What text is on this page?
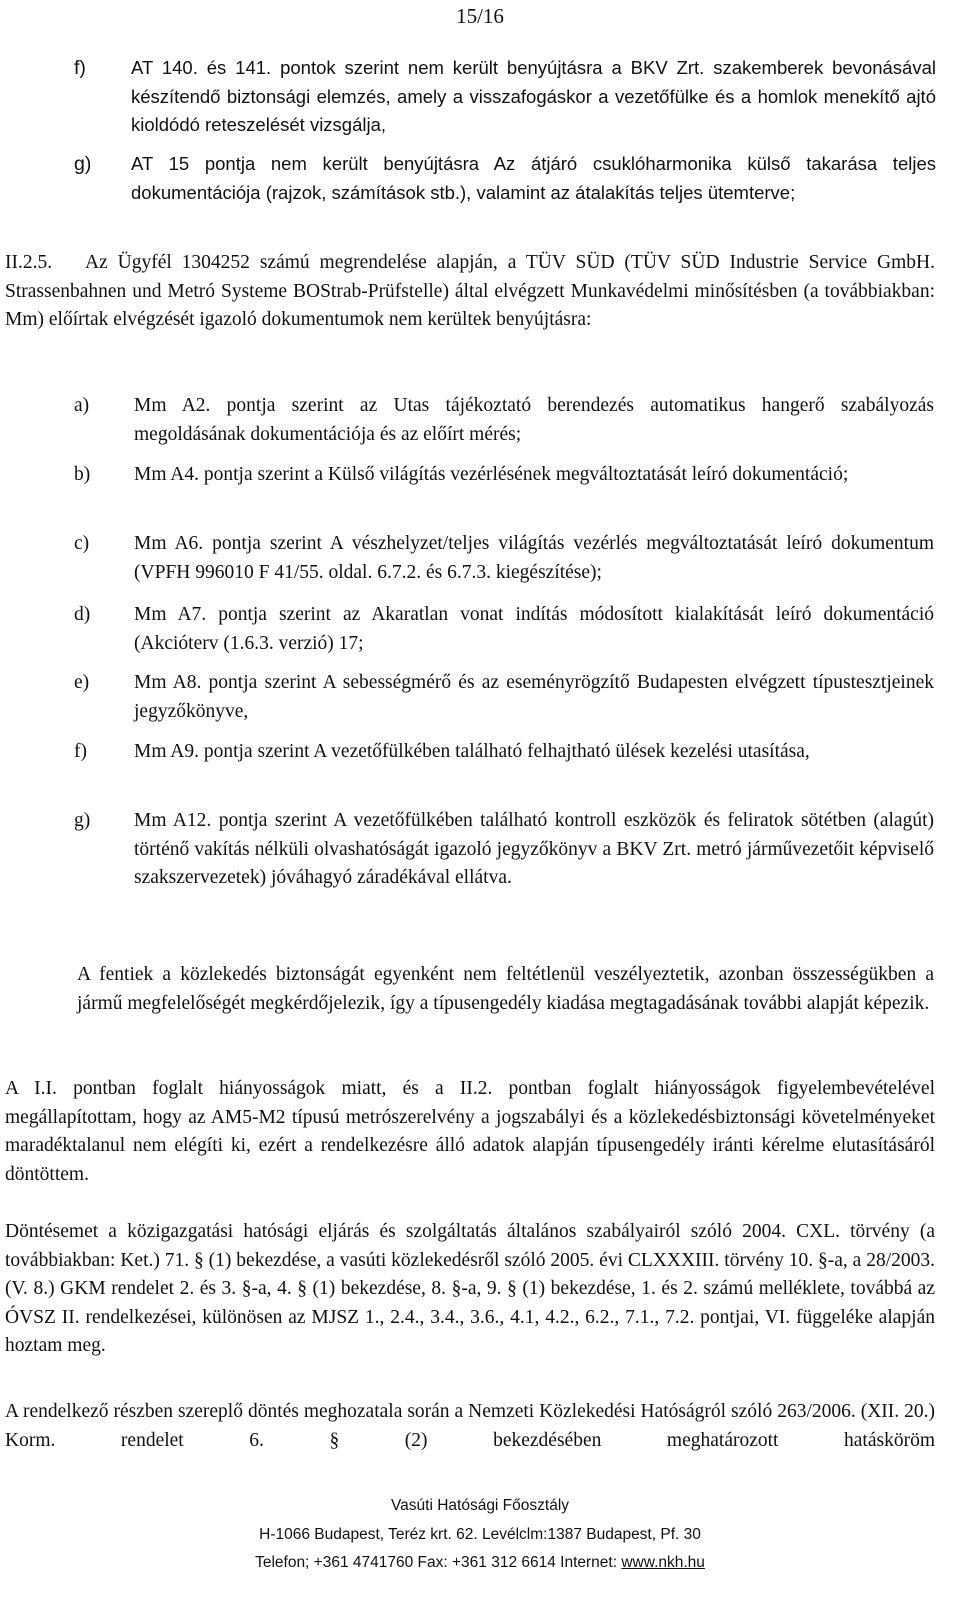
15/16
f) AT 140. és 141. pontok szerint nem került benyújtásra a BKV Zrt. szakemberek bevonásával készítendő biztonsági elemzés, amely a visszafogáskor a vezetőfülke és a homlok menekítő ajtó kioldódó reteszelését vizsgálja,
g) AT 15 pontja nem került benyújtásra Az átjáró csuklóharmonika külső takarása teljes dokumentációja (rajzok, számítások stb.), valamint az átalakítás teljes ütemterve;
II.2.5.	Az Ügyfél 1304252 számú megrendelése alapján, a TÜV SÜD (TÜV SÜD Industrie Service GmbH. Strassenbahnen und Metró Systeme BOStrab-Prüfstelle) által elvégzett Munkavédelmi minősítésben (a továbbiakban: Mm) előírtak elvégzését igazoló dokumentumok nem kerültek benyújtásra:
a) Mm A2. pontja szerint az Utas tájékoztató berendezés automatikus hangerő szabályozás megoldásának dokumentációja és az előírt mérés;
b) Mm A4. pontja szerint a Külső világítás vezérlésének megváltoztatását leíró dokumentáció;
c) Mm A6. pontja szerint A vészhelyzet/teljes világítás vezérlés megváltoztatását leíró dokumentum (VPFH 996010 F 41/55. oldal. 6.7.2. és 6.7.3. kiegészítése);
d) Mm A7. pontja szerint az Akaratlan vonat indítás módosított kialakítását leíró dokumentáció (Akcióterv (1.6.3. verzió) 17;
e) Mm A8. pontja szerint A sebességmérő és az eseményrögzítő Budapesten elvégzett típustesztjeinek jegyzőkönyve,
f) Mm A9. pontja szerint A vezetőfülkében található felhajtható ülések kezelési utasítása,
g) Mm A12. pontja szerint A vezetőfülkében található kontroll eszközök és feliratok sötétben (alagút) történő vakítás nélküli olvashatóságát igazoló jegyzőkönyv a BKV Zrt. metró járművezetőit képviselő szakszervezetek) jóváhagyó záradékával ellátva.
A fentiek a közlekedés biztonságát egyenként nem feltétlenül veszélyeztetik, azonban összességükben a jármű megfelelőségét megkérdőjelezik, így a típusengedély kiadása megtagadásának további alapját képezik.
A I.I. pontban foglalt hiányosságok miatt, és a II.2. pontban foglalt hiányosságok figyelembevételével megállapítottam, hogy az AM5-M2 típusú metrószerelvény a jogszabályi és a közlekedésbiztonsági követelményeket maradéktalanul nem elégíti ki, ezért a rendelkezésre álló adatok alapján típusengedély iránti kérelme elutasításáról döntöttem.
Döntésemet a közigazgatási hatósági eljárás és szolgáltatás általános szabályairól szóló 2004. CXL. törvény (a továbbiakban: Ket.) 71. § (1) bekezdése, a vasúti közlekedésről szóló 2005. évi CLXXXIII. törvény 10. §-a, a 28/2003. (V. 8.) GKM rendelet 2. és 3. §-a, 4. § (1) bekezdése, 8. §-a, 9. § (1) bekezdése, 1. és 2. számú melléklete, továbbá az ÓVSZ II. rendelkezései, különösen az MJSZ 1., 2.4., 3.4., 3.6., 4.1, 4.2., 6.2., 7.1., 7.2. pontjai, VI. függeléke alapján hoztam meg.
A rendelkező részben szereplő döntés meghozatala során a Nemzeti Közlekedési Hatóságról szóló 263/2006. (XII. 20.) Korm. rendelet 6. § (2) bekezdésében meghatározott hatásköröm
Vasúti Hatósági Főosztály
H-1066 Budapest, Teréz krt. 62. Levélclm:1387 Budapest, Pf. 30
Telefon; +361 4741760 Fax: +361 312 6614 Internet: www.nkh.hu
